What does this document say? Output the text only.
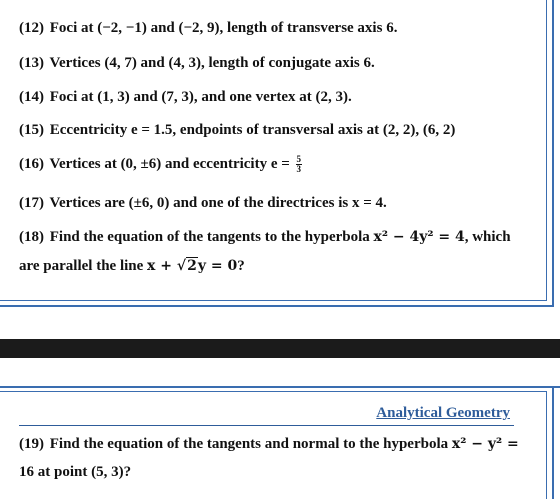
(12) Foci at (−2, −1) and (−2, 9), length of transverse axis 6.
(13) Vertices (4, 7) and (4, 3), length of conjugate axis 6.
(14) Foci at (1, 3) and (7, 3), and one vertex at (2, 3).
(15) Eccentricity e = 1.5, endpoints of transversal axis at (2, 2), (6, 2)
(16) Vertices at (0, ±6) and eccentricity $e = \frac{5}{3}$
(17) Vertices are (±6, 0) and one of the directrices is x = 4.
(18) Find the equation of the tangents to the hyperbola x² − 4y² = 4, which
are parallel the line x + √2y = 0?
Analytical Geometry
(19) Find the equation of the tangents and normal to the hyperbola x² − y² =
16 at point (5, 3)?
